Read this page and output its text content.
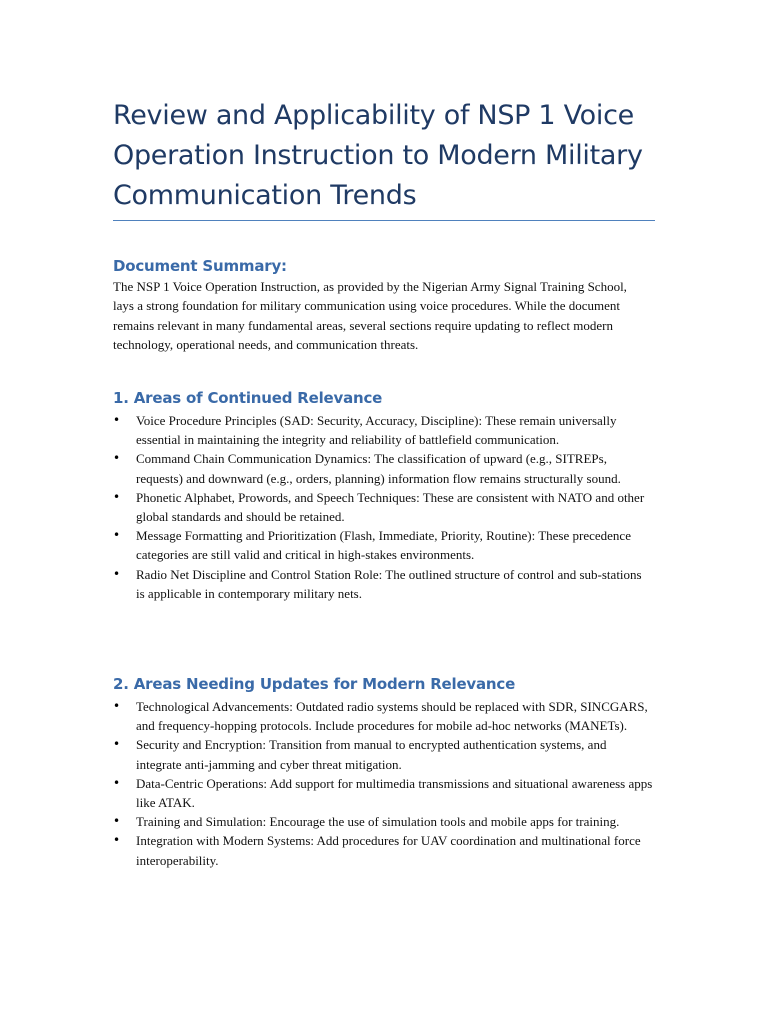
Review and Applicability of NSP 1 Voice Operation Instruction to Modern Military Communication Trends
Document Summary:

The NSP 1 Voice Operation Instruction, as provided by the Nigerian Army Signal Training School, lays a strong foundation for military communication using voice procedures. While the document remains relevant in many fundamental areas, several sections require updating to reflect modern technology, operational needs, and communication threats.

1. Areas of Continued Relevance
• Voice Procedure Principles (SAD: Security, Accuracy, Discipline): These remain universally essential in maintaining the integrity and reliability of battlefield communication.
• Command Chain Communication Dynamics: The classification of upward (e.g., SITREPs, requests) and downward (e.g., orders, planning) information flow remains structurally sound.
• Phonetic Alphabet, Prowords, and Speech Techniques: These are consistent with NATO and other global standards and should be retained.
• Message Formatting and Prioritization (Flash, Immediate, Priority, Routine): These precedence categories are still valid and critical in high-stakes environments.
• Radio Net Discipline and Control Station Role: The outlined structure of control and sub-stations is applicable in contemporary military nets.
2. Areas Needing Updates for Modern Relevance
• Technological Advancements: Outdated radio systems should be replaced with SDR, SINCGARS, and frequency-hopping protocols. Include procedures for mobile ad-hoc networks (MANETs).
• Security and Encryption: Transition from manual to encrypted authentication systems, and integrate anti-jamming and cyber threat mitigation.
• Data-Centric Operations: Add support for multimedia transmissions and situational awareness apps like ATAK.
• Training and Simulation: Encourage the use of simulation tools and mobile apps for training.
• Integration with Modern Systems: Add procedures for UAV coordination and multinational force interoperability.
